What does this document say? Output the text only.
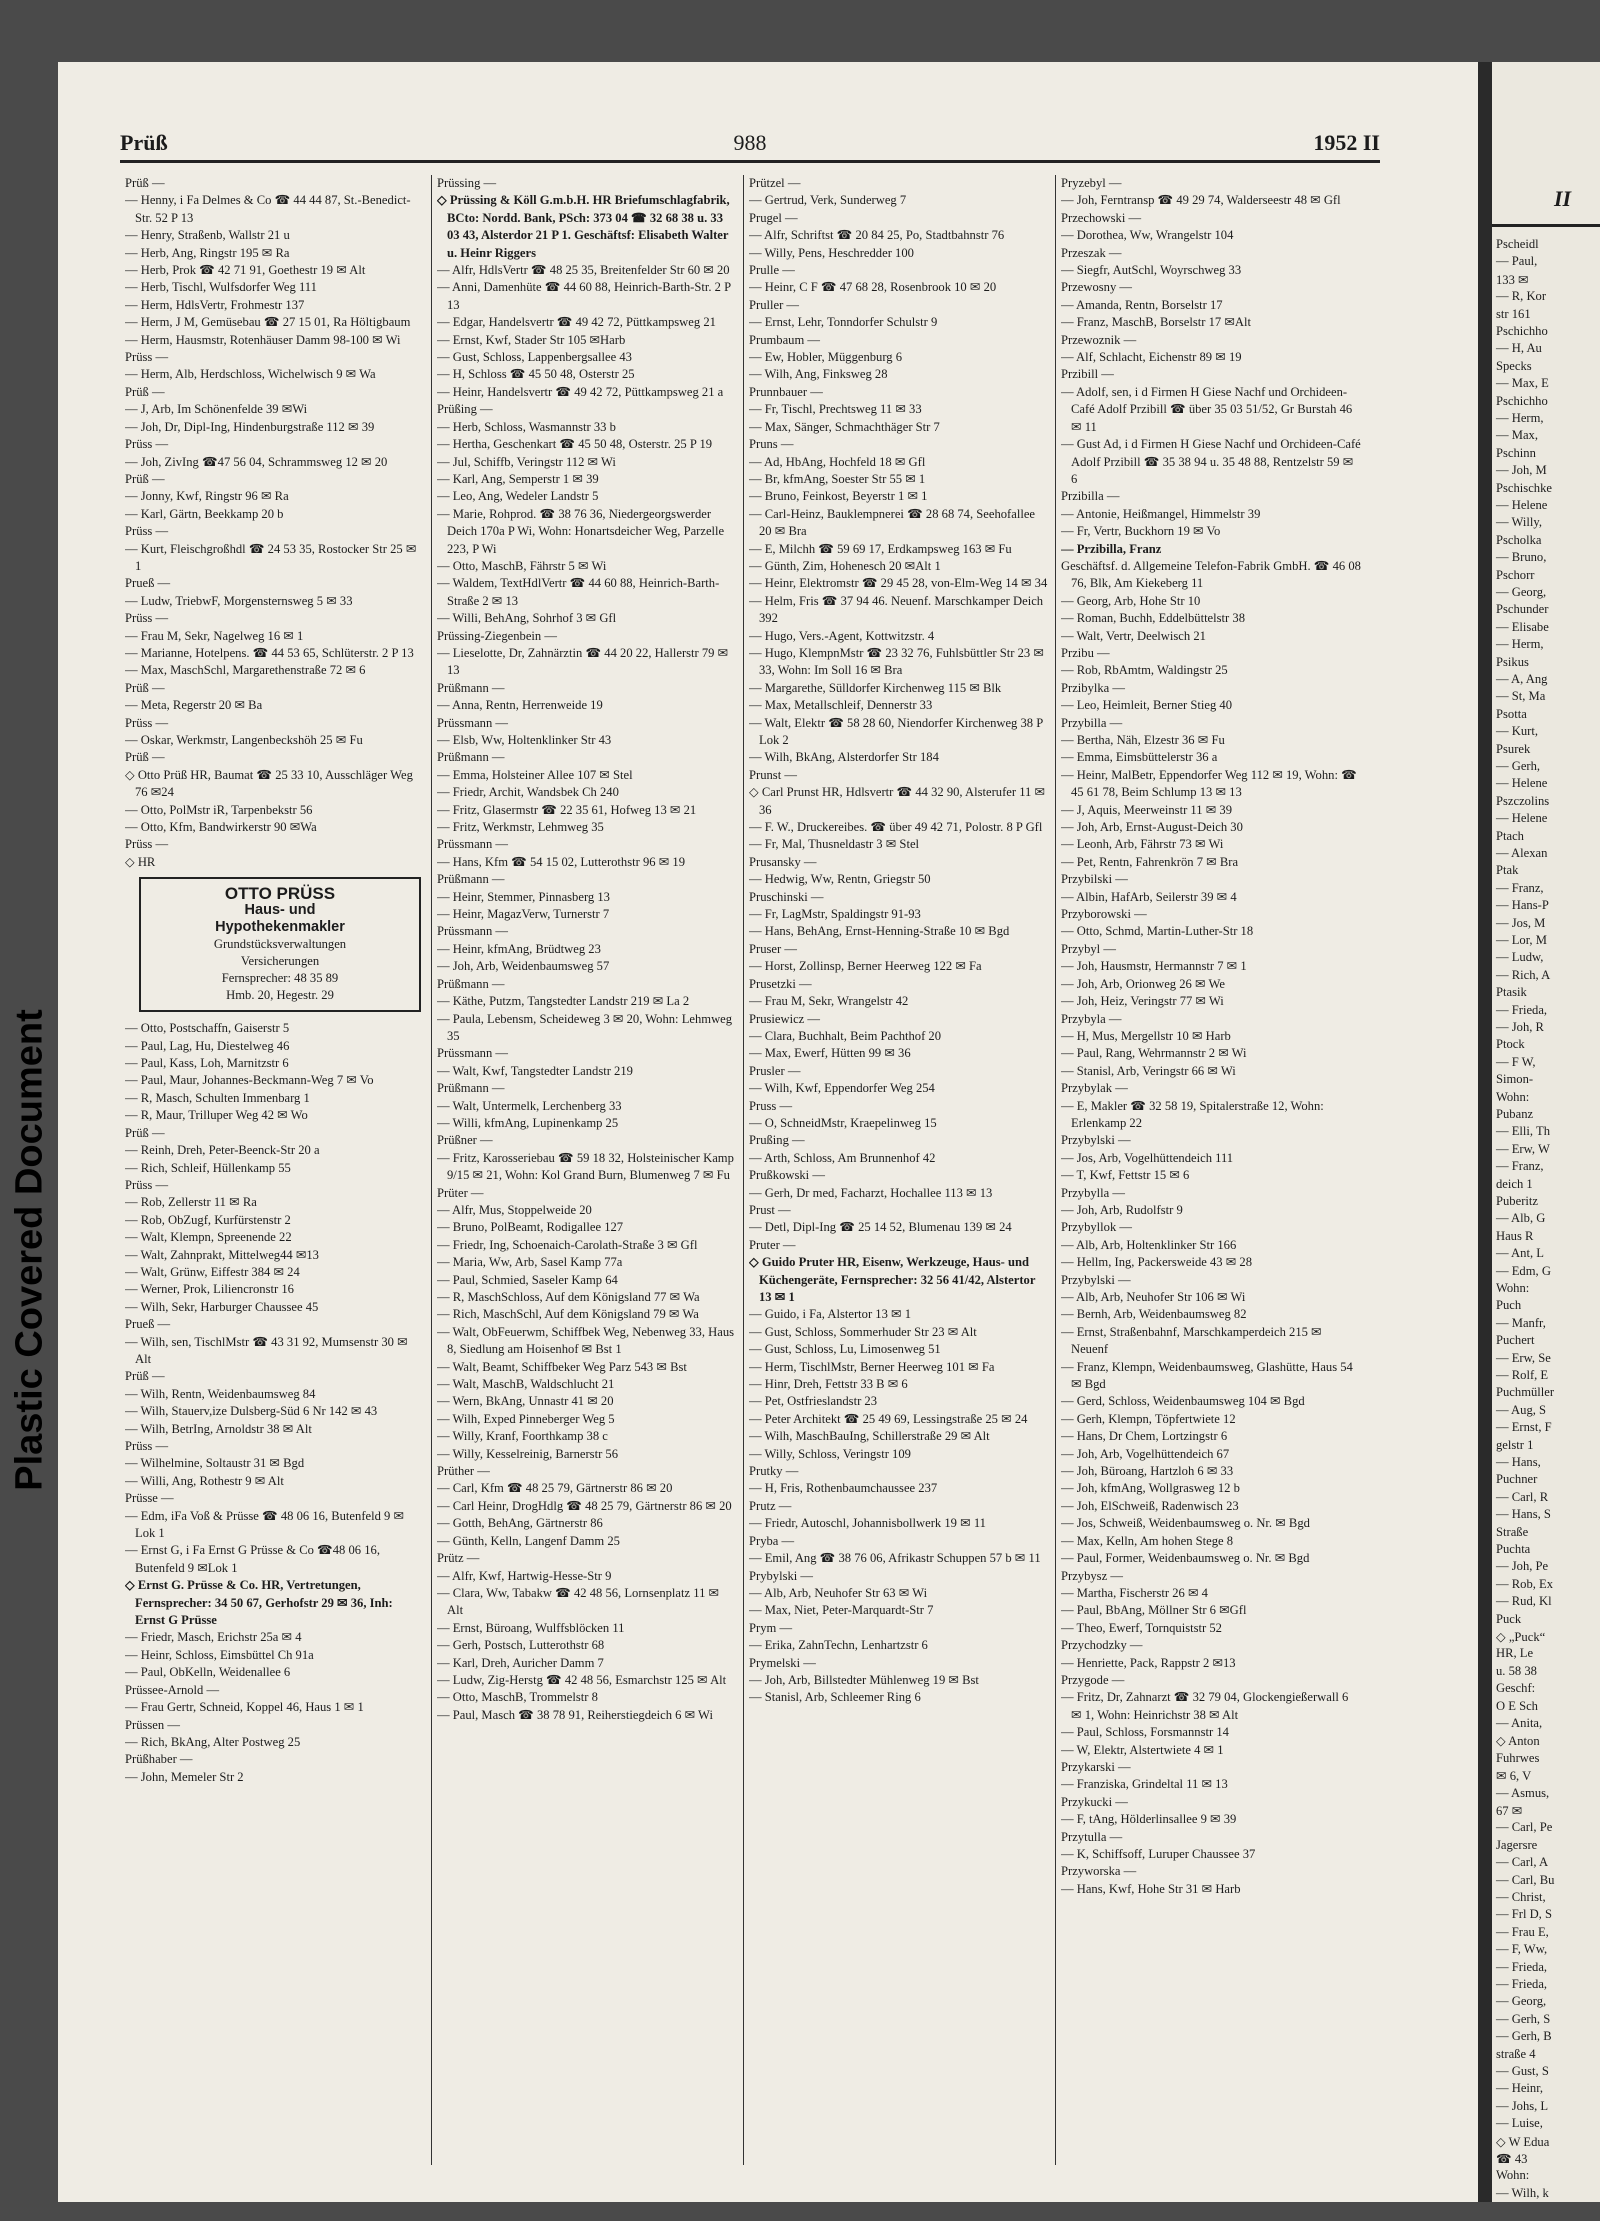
Plastic Covered Document
II
Pscheidl
— Paul,
133 ✉
— R, Kor
str 161
Pschichho
— H, Au
Specks
— Max, E
Pschichho
— Herm,
— Max,
Pschinn
— Joh, M
Pschischke
— Helene
— Willy,
Pscholka
— Bruno,
Pschorr
— Georg,
Pschunder
— Elisabe
— Herm,
Psikus
— A, Ang
— St, Ma
Psotta
— Kurt,
Psurek
— Gerh,
— Helene
Pszczolins
— Helene
Ptach
— Alexan
Ptak
— Franz,
— Hans-P
— Jos, M
— Lor, M
— Ludw,
— Rich, A
Ptasik
— Frieda,
— Joh, R
Ptock
— F W,
Simon-
Wohn:
Pubanz
— Elli, Th
— Erw, W
— Franz,
deich 1
Puberitz
— Alb, G
Haus R
— Ant, L
— Edm, G
Wohn:
Puch
— Manfr,
Puchert
— Erw, Se
— Rolf, E
Puchmüller
— Aug, S
— Ernst, F
gelstr 1
— Hans,
Puchner
— Carl, R
— Hans, S
Straße
Puchta
— Joh, Pe
— Rob, Ex
— Rud, Kl
Puck
◇ „Puck“
HR, Le
u. 58 38
Geschf:
O E Sch
— Anita,
◇ Anton
Fuhrwes
✉ 6, V
— Asmus,
67 ✉
— Carl, Pe
Jagersre
— Carl, A
— Carl, Bu
— Christ,
— Frl D, S
— Frau E,
— F, Ww,
— Frieda,
— Frieda,
— Georg,
— Gerh, S
— Gerh, B
straße 4
— Gust, S
— Heinr,
— Johs, L
— Luise,
◇ W Edua
☎ 43
Wohn:
— Wilh, k
Prüß	988	1952 II

Prüß —

— Henny, i Fa Delmes & Co ☎ 44 44 87, St.-Benedict-Str. 52 P 13

— Henry, Straßenb, Wallstr 21 u

— Herb, Ang, Ringstr 195 ✉ Ra

— Herb, Prok ☎ 42 71 91, Goethestr 19 ✉ Alt

— Herb, Tischl, Wulfsdorfer Weg 111

— Herm, HdlsVertr, Frohmestr 137

— Herm, J M, Gemüsebau ☎ 27 15 01, Ra Höltigbaum

— Herm, Hausmstr, Rotenhäuser Damm 98-100 ✉ Wi

Prüss —

— Herm, Alb, Herdschloss, Wichelwisch 9 ✉ Wa

Prüß —

— J, Arb, Im Schönenfelde 39 ✉Wi

— Joh, Dr, Dipl-Ing, Hindenburgstraße 112 ✉ 39

Prüss —

— Joh, ZivIng ☎47 56 04, Schrammsweg 12 ✉ 20

Prüß —

— Jonny, Kwf, Ringstr 96 ✉ Ra

— Karl, Gärtn, Beekkamp 20 b

Prüss —

— Kurt, Fleischgroßhdl ☎ 24 53 35, Rostocker Str 25 ✉ 1

Prueß —

— Ludw, TriebwF, Morgensternsweg 5 ✉ 33

Prüss —

— Frau M, Sekr, Nagelweg 16 ✉ 1

— Marianne, Hotelpens. ☎ 44 53 65, Schlüterstr. 2 P 13

— Max, MaschSchl, Margarethenstraße 72 ✉ 6

Prüß —

— Meta, Regerstr 20 ✉ Ba

Prüss —

— Oskar, Werkmstr, Langenbeckshöh 25 ✉ Fu

Prüß —

◇ Otto Prüß HR, Baumat ☎ 25 33 10, Ausschläger Weg 76 ✉24

— Otto, PolMstr iR, Tarpenbekstr 56

— Otto, Kfm, Bandwirkerstr 90 ✉Wa

Prüss —

◇ HR
OTTO PRÜSS
Haus- und
Hypothekenmakler
Grundstücksverwaltungen
Versicherungen
Fernsprecher: 48 35 89
Hmb. 20, Hegestr. 29

— Otto, Postschaffn, Gaiserstr 5

— Paul, Lag, Hu, Diestelweg 46

— Paul, Kass, Loh, Marnitzstr 6

— Paul, Maur, Johannes-Beckmann-Weg 7 ✉ Vo

— R, Masch, Schulten Immenbarg 1

— R, Maur, Trilluper Weg 42 ✉ Wo

Prüß —

— Reinh, Dreh, Peter-Beenck-Str 20 a

— Rich, Schleif, Hüllenkamp 55

Prüss —

— Rob, Zellerstr 11 ✉ Ra

— Rob, ObZugf, Kurfürstenstr 2

— Walt, Klempn, Spreenende 22

— Walt, Zahnprakt, Mittelweg44 ✉13

— Walt, Grünw, Eiffestr 384 ✉ 24

— Werner, Prok, Liliencronstr 16

— Wilh, Sekr, Harburger Chaussee 45

Prueß —

— Wilh, sen, TischlMstr ☎ 43 31 92, Mumsenstr 30 ✉ Alt

Prüß —

— Wilh, Rentn, Weidenbaumsweg 84

— Wilh, Stauerv,ize Dulsberg-Süd 6 Nr 142 ✉ 43

— Wilh, BetrIng, Arnoldstr 38 ✉ Alt

Prüss —

— Wilhelmine, Soltaustr 31 ✉ Bgd

— Willi, Ang, Rothestr 9 ✉ Alt

Prüsse —

— Edm, iFa Voß & Prüsse ☎ 48 06 16, Butenfeld 9 ✉ Lok 1

— Ernst G, i Fa Ernst G Prüsse & Co ☎48 06 16, Butenfeld 9 ✉Lok 1

◇ Ernst G. Prüsse & Co. HR, Vertretungen, Fernsprecher: 34 50 67, Gerhofstr 29 ✉ 36, Inh: Ernst G Prüsse

— Friedr, Masch, Erichstr 25a ✉ 4

— Heinr, Schloss, Eimsbüttel Ch 91a

— Paul, ObKelln, Weidenallee 6

Prüssee-Arnold —

— Frau Gertr, Schneid, Koppel 46, Haus 1 ✉ 1

Prüssen —

— Rich, BkAng, Alter Postweg 25

Prüßhaber —

— John, Memeler Str 2

Prüssing —

◇ Prüssing & Köll G.m.b.H. HR Briefumschlagfabrik, BCto: Nordd. Bank, PSch: 373 04 ☎ 32 68 38 u. 33 03 43, Alsterdor 21 P 1. Geschäftsf: Elisabeth Walter u. Heinr Riggers

— Alfr, HdlsVertr ☎ 48 25 35, Breitenfelder Str 60 ✉ 20

— Anni, Damenhüte ☎ 44 60 88, Heinrich-Barth-Str. 2 P 13

— Edgar, Handelsvertr ☎ 49 42 72, Püttkampsweg 21

— Ernst, Kwf, Stader Str 105 ✉Harb

— Gust, Schloss, Lappenbergsallee 43

— H, Schloss ☎ 45 50 48, Osterstr 25

— Heinr, Handelsvertr ☎ 49 42 72, Püttkampsweg 21 a

Prüßing —

— Herb, Schloss, Wasmannstr 33 b

— Hertha, Geschenkart ☎ 45 50 48, Osterstr. 25 P 19

— Jul, Schiffb, Veringstr 112 ✉ Wi

— Karl, Ang, Semperstr 1 ✉ 39

— Leo, Ang, Wedeler Landstr 5

— Marie, Rohprod. ☎ 38 76 36, Niedergeorgswerder Deich 170a P Wi, Wohn: Honartsdeicher Weg, Parzelle 223, P Wi

— Otto, MaschB, Fährstr 5 ✉ Wi

— Waldem, TextHdlVertr ☎ 44 60 88, Heinrich-Barth-Straße 2 ✉ 13

— Willi, BehAng, Sohrhof 3 ✉ Gfl

Prüssing-Ziegenbein —

— Lieselotte, Dr, Zahnärztin ☎ 44 20 22, Hallerstr 79 ✉ 13

Prüßmann —

— Anna, Rentn, Herrenweide 19

Prüssmann —

— Elsb, Ww, Holtenklinker Str 43

Prüßmann —

— Emma, Holsteiner Allee 107 ✉ Stel

— Friedr, Archit, Wandsbek Ch 240

— Fritz, Glasermstr ☎ 22 35 61, Hofweg 13 ✉ 21

— Fritz, Werkmstr, Lehmweg 35

Prüssmann —

— Hans, Kfm ☎ 54 15 02, Lutterothstr 96 ✉ 19

Prüßmann —

— Heinr, Stemmer, Pinnasberg 13

— Heinr, MagazVerw, Turnerstr 7

Prüssmann —

— Heinr, kfmAng, Brüdtweg 23

— Joh, Arb, Weidenbaumsweg 57

Prüßmann —

— Käthe, Putzm, Tangstedter Landstr 219 ✉ La 2

— Paula, Lebensm, Scheideweg 3 ✉ 20, Wohn: Lehmweg 35

Prüssmann —

— Walt, Kwf, Tangstedter Landstr 219

Prüßmann —

— Walt, Untermelk, Lerchenberg 33

— Willi, kfmAng, Lupinenkamp 25

Prüßner —

— Fritz, Karosseriebau ☎ 59 18 32, Holsteinischer Kamp 9/15 ✉ 21, Wohn: Kol Grand Burn, Blumenweg 7 ✉ Fu

Prüter —

— Alfr, Mus, Stoppelweide 20

— Bruno, PolBeamt, Rodigallee 127

— Friedr, Ing, Schoenaich-Carolath-Straße 3 ✉ Gfl

— Maria, Ww, Arb, Sasel Kamp 77a

— Paul, Schmied, Saseler Kamp 64

— R, MaschSchloss, Auf dem Königsland 77 ✉ Wa

— Rich, MaschSchl, Auf dem Königsland 79 ✉ Wa

— Walt, ObFeuerwm, Schiffbek Weg, Nebenweg 33, Haus 8, Siedlung am Hoisenhof ✉ Bst 1

— Walt, Beamt, Schiffbeker Weg Parz 543 ✉ Bst

— Walt, MaschB, Waldschlucht 21

— Wern, BkAng, Unnastr 41 ✉ 20

— Wilh, Exped Pinneberger Weg 5

— Willy, Kranf, Foorthkamp 38 c

— Willy, Kesselreinig, Barnerstr 56

Prüther —

— Carl, Kfm ☎ 48 25 79, Gärtnerstr 86 ✉ 20

— Carl Heinr, DrogHdlg ☎ 48 25 79, Gärtnerstr 86 ✉ 20

— Gotth, BehAng, Gärtnerstr 86

— Günth, Kelln, Langenf Damm 25

Prütz —

— Alfr, Kwf, Hartwig-Hesse-Str 9

— Clara, Ww, Tabakw ☎ 42 48 56, Lornsenplatz 11 ✉ Alt

— Ernst, Büroang, Wulffsblöcken 11

— Gerh, Postsch, Lutterothstr 68

— Karl, Dreh, Auricher Damm 7

— Ludw, Zig-Herstg ☎ 42 48 56, Esmarchstr 125 ✉ Alt

— Otto, MaschB, Trommelstr 8

— Paul, Masch ☎ 38 78 91, Reiherstiegdeich 6 ✉ Wi

Prützel —

— Gertrud, Verk, Sunderweg 7

Prugel —

— Alfr, Schriftst ☎ 20 84 25, Po, Stadtbahnstr 76

— Willy, Pens, Heschredder 100

Prulle —

— Heinr, C F ☎ 47 68 28, Rosenbrook 10 ✉ 20

Pruller —

— Ernst, Lehr, Tonndorfer Schulstr 9

Prumbaum —

— Ew, Hobler, Müggenburg 6

— Wilh, Ang, Finksweg 28

Prunnbauer —

— Fr, Tischl, Prechtsweg 11 ✉ 33

— Max, Sänger, Schmachthäger Str 7

Pruns —

— Ad, HbAng, Hochfeld 18 ✉ Gfl

— Br, kfmAng, Soester Str 55 ✉ 1

— Bruno, Feinkost, Beyerstr 1 ✉ 1

— Carl-Heinz, Bauklempnerei ☎ 28 68 74, Seehofallee 20 ✉ Bra

— E, Milchh ☎ 59 69 17, Erdkampsweg 163 ✉ Fu

— Günth, Zim, Hohenesch 20 ✉Alt 1

— Heinr, Elektromstr ☎ 29 45 28, von-Elm-Weg 14 ✉ 34

— Helm, Fris ☎ 37 94 46. Neuenf. Marschkamper Deich 392

— Hugo, Vers.-Agent, Kottwitzstr. 4

— Hugo, KlempnMstr ☎ 23 32 76, Fuhlsbüttler Str 23 ✉ 33, Wohn: Im Soll 16 ✉ Bra

— Margarethe, Sülldorfer Kirchenweg 115 ✉ Blk

— Max, Metallschleif, Dennerstr 33

— Walt, Elektr ☎ 58 28 60, Niendorfer Kirchenweg 38 P Lok 2

— Wilh, BkAng, Alsterdorfer Str 184

Prunst —

◇ Carl Prunst HR, Hdlsvertr ☎ 44 32 90, Alsterufer 11 ✉ 36

— F. W., Druckereibes. ☎ über 49 42 71, Polostr. 8 P Gfl

— Fr, Mal, Thusneldastr 3 ✉ Stel

Prusansky —

— Hedwig, Ww, Rentn, Griegstr 50

Pruschinski —

— Fr, LagMstr, Spaldingstr 91-93

— Hans, BehAng, Ernst-Henning-Straße 10 ✉ Bgd

Pruser —

— Horst, Zollinsp, Berner Heerweg 122 ✉ Fa

Prusetzki —

— Frau M, Sekr, Wrangelstr 42

Prusiewicz —

— Clara, Buchhalt, Beim Pachthof 20

— Max, Ewerf, Hütten 99 ✉ 36

Prusler —

— Wilh, Kwf, Eppendorfer Weg 254

Pruss —

— O, SchneidMstr, Kraepelinweg 15

Prußing —

— Arth, Schloss, Am Brunnenhof 42

Prußkowski —

— Gerh, Dr med, Facharzt, Hochallee 113 ✉ 13

Prust —

— Detl, Dipl-Ing ☎ 25 14 52, Blumenau 139 ✉ 24

Pruter —

◇ Guido Pruter HR, Eisenw, Werkzeuge, Haus- und Küchengeräte, Fernsprecher: 32 56 41/42, Alstertor 13 ✉ 1

— Guido, i Fa, Alstertor 13 ✉ 1

— Gust, Schloss, Sommerhuder Str 23 ✉ Alt

— Gust, Schloss, Lu, Limosenweg 51

— Herm, TischlMstr, Berner Heerweg 101 ✉ Fa

— Hinr, Dreh, Fettstr 33 B ✉ 6

— Pet, Ostfrieslandstr 23

— Peter Architekt ☎ 25 49 69, Lessingstraße 25 ✉ 24

— Wilh, MaschBauIng, Schillerstraße 29 ✉ Alt

— Willy, Schloss, Veringstr 109

Prutky —

— H, Fris, Rothenbaumchaussee 237

Prutz —

— Friedr, Autoschl, Johannisbollwerk 19 ✉ 11

Pryba —

— Emil, Ang ☎ 38 76 06, Afrikastr Schuppen 57 b ✉ 11

Prybylski —

— Alb, Arb, Neuhofer Str 63 ✉ Wi

— Max, Niet, Peter-Marquardt-Str 7

Prym —

— Erika, ZahnTechn, Lenhartzstr 6

Prymelski —

— Joh, Arb, Billstedter Mühlenweg 19 ✉ Bst

— Stanisl, Arb, Schleemer Ring 6

Pryzebyl —

— Joh, Ferntransp ☎ 49 29 74, Walderseestr 48 ✉ Gfl

Przechowski —

— Dorothea, Ww, Wrangelstr 104

Przeszak —

— Siegfr, AutSchl, Woyrschweg 33

Przewosny —

— Amanda, Rentn, Borselstr 17

— Franz, MaschB, Borselstr 17 ✉Alt

Przewoznik —

— Alf, Schlacht, Eichenstr 89 ✉ 19

Przibill —

— Adolf, sen, i d Firmen H Giese Nachf und Orchideen-Café Adolf Przibill ☎ über 35 03 51/52, Gr Burstah 46 ✉ 11

— Gust Ad, i d Firmen H Giese Nachf und Orchideen-Café Adolf Przibill ☎ 35 38 94 u. 35 48 88, Rentzelstr 59 ✉ 6

Przibilla —

— Antonie, Heißmangel, Himmelstr 39

— Fr, Vertr, Buckhorn 19 ✉ Vo

— Przibilla, Franz

Geschäftsf. d. Allgemeine Telefon-Fabrik GmbH. ☎ 46 08 76, Blk, Am Kiekeberg 11

— Georg, Arb, Hohe Str 10

— Roman, Buchh, Eddelbüttelstr 38

— Walt, Vertr, Deelwisch 21

Przibu —

— Rob, RbAmtm, Waldingstr 25

Przibylka —

— Leo, Heimleit, Berner Stieg 40

Przybilla —

— Bertha, Näh, Elzestr 36 ✉ Fu

— Emma, Eimsbüttelerstr 36 a

— Heinr, MalBetr, Eppendorfer Weg 112 ✉ 19, Wohn: ☎ 45 61 78, Beim Schlump 13 ✉ 13

— J, Aquis, Meerweinstr 11 ✉ 39

— Joh, Arb, Ernst-August-Deich 30

— Leonh, Arb, Fährstr 73 ✉ Wi

— Pet, Rentn, Fahrenkrön 7 ✉ Bra

Przybilski —

— Albin, HafArb, Seilerstr 39 ✉ 4

Przyborowski —

— Otto, Schmd, Martin-Luther-Str 18

Przybyl —

— Joh, Hausmstr, Hermannstr 7 ✉ 1

— Joh, Arb, Orionweg 26 ✉ We

— Joh, Heiz, Veringstr 77 ✉ Wi

Przybyla —

— H, Mus, Mergellstr 10 ✉ Harb

— Paul, Rang, Wehrmannstr 2 ✉ Wi

— Stanisl, Arb, Veringstr 66 ✉ Wi

Przybylak —

— E, Makler ☎ 32 58 19, Spitalerstraße 12, Wohn: Erlenkamp 22

Przybylski —

— Jos, Arb, Vogelhüttendeich 111

— T, Kwf, Fettstr 15 ✉ 6

Przybylla —

— Joh, Arb, Rudolfstr 9

Przybyllok —

— Alb, Arb, Holtenklinker Str 166

— Hellm, Ing, Packersweide 43 ✉ 28

Przybylski —

— Alb, Arb, Neuhofer Str 106 ✉ Wi

— Bernh, Arb, Weidenbaumsweg 82

— Ernst, Straßenbahnf, Marschkamperdeich 215 ✉ Neuenf

— Franz, Klempn, Weidenbaumsweg, Glashütte, Haus 54 ✉ Bgd

— Gerd, Schloss, Weidenbaumsweg 104 ✉ Bgd

— Gerh, Klempn, Töpfertwiete 12

— Hans, Dr Chem, Lortzingstr 6

— Joh, Arb, Vogelhüttendeich 67

— Joh, Büroang, Hartzloh 6 ✉ 33

— Joh, kfmAng, Wollgrasweg 12 b

— Joh, ElSchweiß, Radenwisch 23

— Jos, Schweiß, Weidenbaumsweg o. Nr. ✉ Bgd

— Max, Kelln, Am hohen Stege 8

— Paul, Former, Weidenbaumsweg o. Nr. ✉ Bgd

Przybysz —

— Martha, Fischerstr 26 ✉ 4

— Paul, BbAng, Möllner Str 6 ✉Gfl

— Theo, Ewerf, Tornquiststr 52

Przychodzky —

— Henriette, Pack, Rappstr 2 ✉13

Przygode —

— Fritz, Dr, Zahnarzt ☎ 32 79 04, Glockengießerwall 6 ✉ 1, Wohn: Heinrichstr 38 ✉ Alt

— Paul, Schloss, Forsmannstr 14

— W, Elektr, Alstertwiete 4 ✉ 1

Przykarski —

— Franziska, Grindeltal 11 ✉ 13

Przykucki —

— F, tAng, Hölderlinsallee 9 ✉ 39

Przytulla —

— K, Schiffsoff, Luruper Chaussee 37

Przyworska —

— Hans, Kwf, Hohe Str 31 ✉ Harb
